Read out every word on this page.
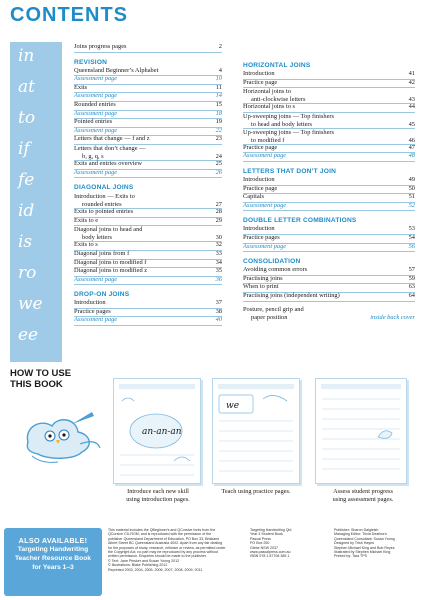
CONTENTS
in
at
to
if
fe
id
is
ro
we
ee
Joins progress pages	2
REVISION
Queensland Beginner’s Alphabet	4
Assessment page	10
Exits	11
Assessment page	14
Rounded entries	15
Assessment page	18
Pointed entries	19
Assessment page	22
Letters that change — f and z	23
Letters that don’t change —
b, g, q, s	24
Exits and entries overview	25
Assessment page	26
DIAGONAL JOINS
Introduction — Exits to
rounded entries	27
Exits to pointed entries	28
Exits to e	29
Diagonal joins to head and
body letters	30
Exits to s	32
Diagonal joins from f	33
Diagonal joins to modified f	34
Diagonal joins to modified z	35
Assessment page	36
DROP-ON JOINS
Introduction	37
Practice pages	38
Assessment page	40
HORIZONTAL JOINS
Introduction	41
Practice page	42
Horizontal joins to
anti-clockwise letters	43
Horizontal joins to s	44
Up-sweeping joins — Top finishers
to head and body letters	45
Up-sweeping joins — Top finishers
to modified f	46
Practice page	47
Assessment page	48
LETTERS THAT DON’T JOIN
Introduction	49
Practice page	50
Capitals	51
Assessment page	52
DOUBLE LETTER COMBINATIONS
Introduction	53
Practice pages	54
Assessment page	56
CONSOLIDATION
Avoiding common errors	57
Practising joins	59
When to print	63
Practising joins (independent writing)	64
Posture, pencil grip and
paper position	inside back cover
HOW TO USE
THIS BOOK
an-an-an
we
Introduce each new skill
using introduction pages.
Teach using practice pages.	Assess student progress
using assessment pages.
ALSO AVAILABLE!
Targeting Handwriting
Teacher Resource Book
for Years 1–3
This material includes the QBeginner's and QCursive fonts from the
QCursive CD-ROM, and is reproduced with the permission of the
publisher Queensland Department of Education, PO Box 33, Brisbane
Albert Street BC Queensland Australia 4002. Apart from any fair dealing
for the purposes of study, research, criticism or review, as permitted under
the Copyright Act, no part may be reproduced by any process without
written permission. Enquiries should be made to the publisher.
© Text: Jane Pinsker and Susan Young 2012
© Illustrations: Blake Publishing 2012
Reprinted 2003, 2004, 2005, 2006, 2007, 2008, 2009, 2011
Targeting Handwriting Qld
Year 3 Student Book
Pascal Press
PO Box 250
Glebe NSW 2037
www.pascalpress.com.au
ISBN 978 1 87708 385 1
Publisher: Sharon Dalgleish
Managing Editor: Tricia Dearborn
Queensland Consultant: Susan Young
Designed by Trish Hayes
Stephen Michael King and Bob Reyes
Illustrated by Stephen Michael King
Printed by: Tara TPS
